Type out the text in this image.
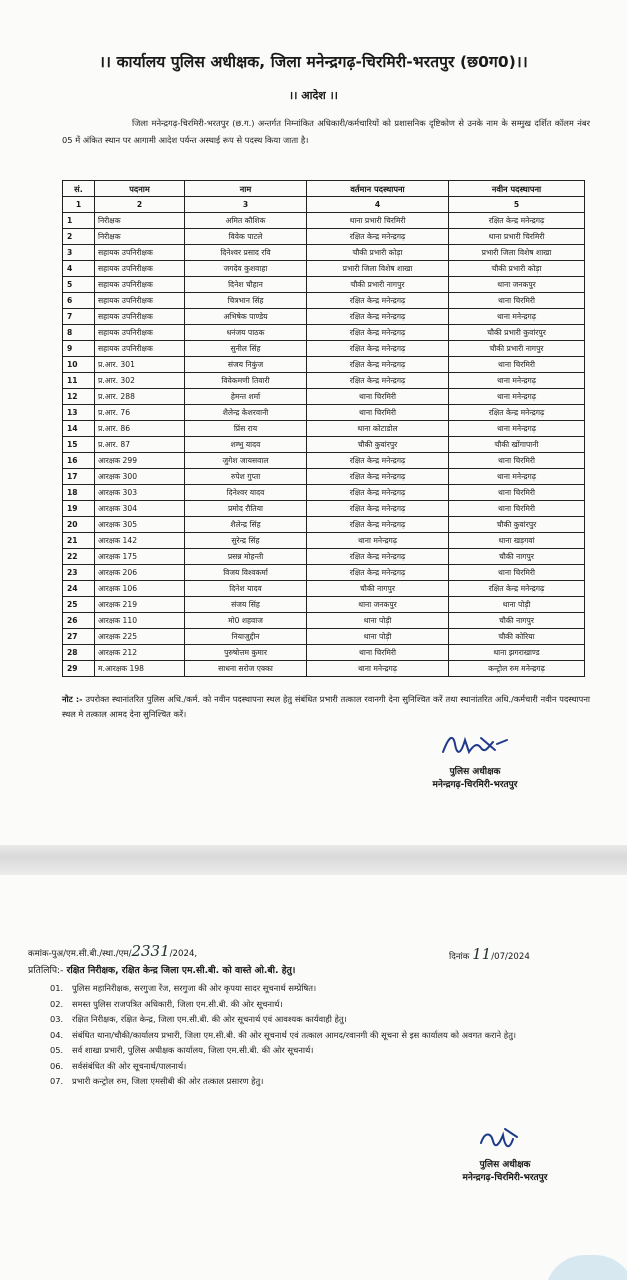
।। कार्यालय पुलिस अधीक्षक, जिला मनेन्द्रगढ़-चिरमिरी-भरतपुर (छ0ग0)।।
।। आदेश ।।

जिला मनेन्द्रगढ़-चिरमिरी-भरतपुर (छ.ग.) अन्तर्गत निम्नांकित अधिकारी/कर्मचारियों को प्रशासनिक दृष्टिकोण से उनके नाम के सम्मुख दर्शित कॉलम नंबर 05 में अंकित स्थान पर आगामी आदेश पर्यन्त अस्थाई रूप से पदस्थ किया जाता है।

सं.	पदनाम	नाम	वर्तमान पदस्थापना	नवीन पदस्थापना
1	2	3	4	5
1	निरीक्षक	अमित कौशिक	थाना प्रभारी चिरमिरी	रक्षित केन्द्र मनेन्द्रगढ़
2	निरीक्षक	विवेक पाटले	रक्षित केन्द्र मनेन्द्रगढ़	थाना प्रभारी चिरमिरी
3	सहायक उपनिरीक्षक	दिनेश्वर प्रसाद रवि	चौकी प्रभारी कोड़ा	प्रभारी जिला विशेष शाखा
4	सहायक उपनिरीक्षक	जगदेव कुशवाहा	प्रभारी जिला विशेष शाखा	चौकी प्रभारी कोड़ा
5	सहायक उपनिरीक्षक	दिनेश चौहान	चौकी प्रभारी नागपुर	थाना जनकपुर
6	सहायक उपनिरीक्षक	चित्रभान सिंह	रक्षित केन्द्र मनेन्द्रगढ़	थाना चिरमिरी
7	सहायक उपनिरीक्षक	अभिषेक पाण्डेय	रक्षित केन्द्र मनेन्द्रगढ़	थाना मनेन्द्रगढ़
8	सहायक उपनिरीक्षक	धनंजय पाठक	रक्षित केन्द्र मनेन्द्रगढ़	चौकी प्रभारी कुवांरपुर
9	सहायक उपनिरीक्षक	सुनील सिंह	रक्षित केन्द्र मनेन्द्रगढ़	चौकी प्रभारी नागपुर
10	प्र.आर. 301	संजय निकुंज	रक्षित केन्द्र मनेन्द्रगढ़	थाना चिरमिरी
11	प्र.आर. 302	विवेकमणी तिवारी	रक्षित केन्द्र मनेन्द्रगढ़	थाना मनेन्द्रगढ़
12	प्र.आर. 288	हेमन्त शर्मा	थाना चिरमिरी	थाना मनेन्द्रगढ़
13	प्र.आर. 76	शैलेन्द्र केशरवानी	थाना चिरमिरी	रक्षित केन्द्र मनेन्द्रगढ़
14	प्र.आर. 86	प्रिंस राय	थाना कोटाडोल	थाना मनेन्द्रगढ़
15	प्र.आर. 87	शम्भु यादव	चौकी कुवांरपुर	चौकी खोंगापानी
16	आरक्षक 299	जुगेश जायसवाल	रक्षित केन्द्र मनेन्द्रगढ़	थाना चिरमिरी
17	आरक्षक 300	रुपेश गुप्ता	रक्षित केन्द्र मनेन्द्रगढ़	थाना मनेन्द्रगढ़
18	आरक्षक 303	दिनेश्वर यादव	रक्षित केन्द्र मनेन्द्रगढ़	थाना चिरमिरी
19	आरक्षक 304	प्रमोद रौतिया	रक्षित केन्द्र मनेन्द्रगढ़	थाना चिरमिरी
20	आरक्षक 305	शैलेन्द्र सिंह	रक्षित केन्द्र मनेन्द्रगढ़	चौकी कुवांरपुर
21	आरक्षक 142	सुरेन्द्र सिंह	थाना मनेन्द्रगढ़	थाना खड़गवां
22	आरक्षक 175	प्रसन्न मोहन्ती	रक्षित केन्द्र मनेन्द्रगढ़	चौकी नागपुर
23	आरक्षक 206	विजय विश्वकर्मा	रक्षित केन्द्र मनेन्द्रगढ़	थाना चिरमिरी
24	आरक्षक 106	दिनेश यादव	चौकी नागपुर	रक्षित केन्द्र मनेन्द्रगढ़
25	आरक्षक 219	संजय सिंह	थाना जनकपुर	थाना पोड़ी
26	आरक्षक 110	मो0 शहवाज	थाना पोड़ी	चौकी नागपुर
27	आरक्षक 225	नियाजुद्दीन	थाना पोड़ी	चौकी कोरिया
28	आरक्षक 212	पुरुषोत्तम कुमार	थाना चिरमिरी	थाना झगराखाण्ड
29	म.आरक्षक 198	साधना सरोज एक्का	थाना मनेन्द्रगढ़	कन्ट्रोल रुम मनेन्द्रगढ़

नोट :- उपरोक्त स्थानांतरित पुलिस अधि./कर्म. को नवीन पदस्थापना स्थल हेतु संबंधित प्रभारी तत्काल रवानगी देना सुनिश्चित करें तथा स्थानांतरित अधि./कर्मचारी नवीन पदस्थापना स्थल मे तत्काल आमद देना सुनिश्चित करें।

पुलिस अधीक्षक
मनेन्द्रगढ़-चिरमिरी-भरतपुर
कमांक-पुअ/एम.सी.बी./स्था./एम/2331/2024,	दिनांक 11/07/2024
प्रतिलिपि:- रक्षित निरीक्षक, रक्षित केन्द्र जिला एम.सी.बी. को वास्ते ओ.बी. हेतु।
01. पुलिस महानिरीक्षक, सरगुजा रेंज, सरगुजा की ओर कृपया सादर सूचनार्थ सम्प्रेषित।
02. समस्त पुलिस राजपत्रित अधिकारी, जिला एम.सी.बी. की ओर सूचनार्थ।
03. रक्षित निरीक्षक, रक्षित केन्द्र, जिला एम.सी.बी. की ओर सूचनार्थ एवं आवश्यक कार्यवाही हेतु।
04. संबंधित थाना/चौकी/कार्यालय प्रभारी, जिला एम.सी.बी. की ओर सूचनार्थ एवं तत्काल आमद/रवानगी की सूचना से इस कार्यालय को अवगत कराने हेतु।
05. सर्व शाखा प्रभारी, पुलिस अधीक्षक कार्यालय, जिला एम.सी.बी. की ओर सूचनार्थ।
06. सर्वसंबंधित की ओर सूचनार्थ/पालनार्थ।
07. प्रभारी कन्ट्रोल रुम, जिला एमसीबी की ओर तत्काल प्रसारण हेतु।
पुलिस अधीक्षक
मनेन्द्रगढ़-चिरमिरी-भरतपुर
